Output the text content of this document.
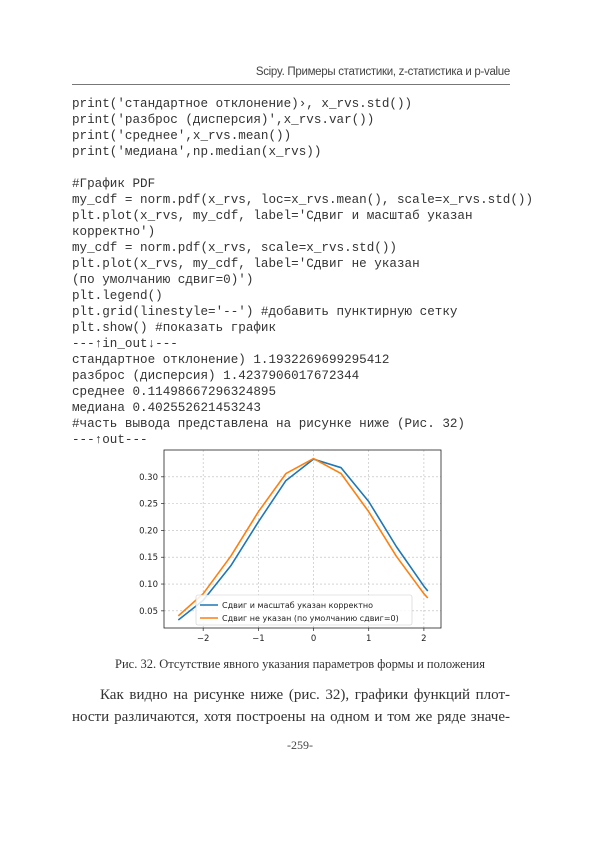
Scipy. Примеры статистики, z-статистика и p-value
print('стандартное отклонение)›, x_rvs.std())
print('разброс (дисперсия)',x_rvs.var())
print('среднее',x_rvs.mean())
print('медиана',np.median(x_rvs))
#График PDF
my_cdf = norm.pdf(x_rvs, loc=x_rvs.mean(), scale=x_rvs.std())
plt.plot(x_rvs, my_cdf, label='Сдвиг и масштаб указан
корректно')
my_cdf = norm.pdf(x_rvs, scale=x_rvs.std())
plt.plot(x_rvs, my_cdf, label='Сдвиг не указан
(по умолчанию сдвиг=0)')
plt.legend()
plt.grid(linestyle='--') #добавить пунктирную сетку
plt.show() #показать график
---↑in_out↓---
стандартное отклонение) 1.1932269699295412
разброс (дисперсия) 1.4237906017672344
среднее 0.11498667296324895
медиана 0.402552621453243
#часть вывода представлена на рисунке ниже (Рис. 32)
---↑out---
−2	−1	0	1	2
0.05
0.10
0.15
0.20
0.25
0.30
Сдвиг и масштаб указан корректно
Сдвиг не указан (по умолчанию сдвиг=0)
Рис. 32. Отсутствие явного указания параметров формы и положения
Как видно на рисунке ниже (рис. 32), графики функций плот-
ности различаются, хотя построены на одном и том же ряде значе-
-259-
